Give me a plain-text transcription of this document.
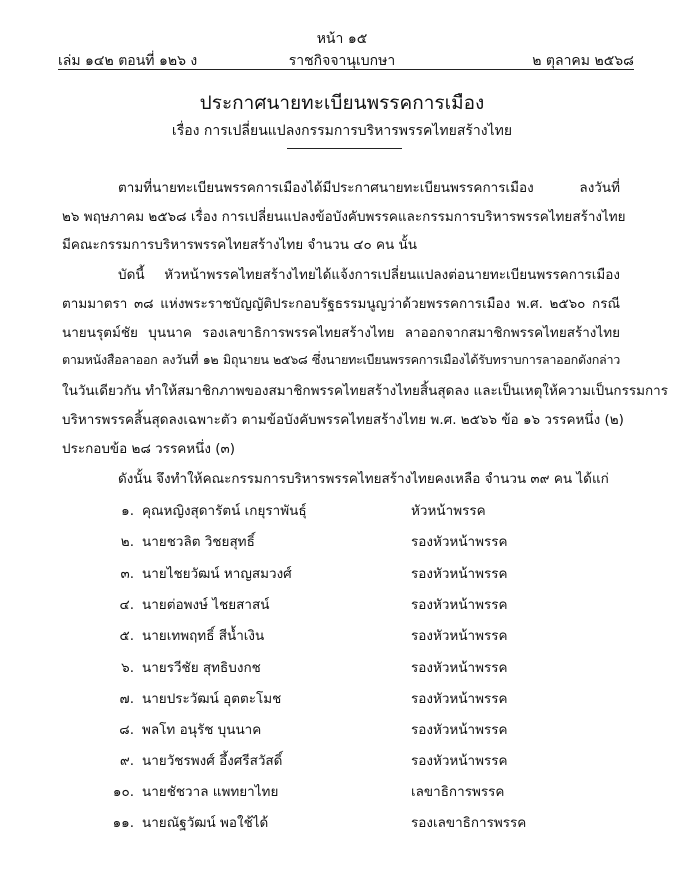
หน้า ๑๕
เล่ม ๑๔๒ ตอนที่ ๑๒๖ ง	ราชกิจจานุเบกษา	๒ ตุลาคม ๒๕๖๘
ประกาศนายทะเบียนพรรคการเมือง
เรื่อง การเปลี่ยนแปลงกรรมการบริหารพรรคไทยสร้างไทย
ตามที่นายทะเบียนพรรคการเมืองได้มีประกาศนายทะเบียนพรรคการเมือง ลงวันที่
๒๖ พฤษภาคม ๒๕๖๘ เรื่อง การเปลี่ยนแปลงข้อบังคับพรรคและกรรมการบริหารพรรคไทยสร้างไทย
มีคณะกรรมการบริหารพรรคไทยสร้างไทย จำนวน ๔๐ คน นั้น
บัดนี้ หัวหน้าพรรคไทยสร้างไทยได้แจ้งการเปลี่ยนแปลงต่อนายทะเบียนพรรคการเมือง
ตามมาตรา ๓๘ แห่งพระราชบัญญัติประกอบรัฐธรรมนูญว่าด้วยพรรคการเมือง พ.ศ. ๒๕๖๐ กรณี
นายนรุตม์ชัย บุนนาค รองเลขาธิการพรรคไทยสร้างไทย ลาออกจากสมาชิกพรรคไทยสร้างไทย
ตามหนังสือลาออก ลงวันที่ ๑๒ มิถุนายน ๒๕๖๘ ซึ่งนายทะเบียนพรรคการเมืองได้รับทราบการลาออกดังกล่าว
ในวันเดียวกัน ทำให้สมาชิกภาพของสมาชิกพรรคไทยสร้างไทยสิ้นสุดลง และเป็นเหตุให้ความเป็นกรรมการ
บริหารพรรคสิ้นสุดลงเฉพาะตัว ตามข้อบังคับพรรคไทยสร้างไทย พ.ศ. ๒๕๖๖ ข้อ ๑๖ วรรคหนึ่ง (๒)
ประกอบข้อ ๒๘ วรรคหนึ่ง (๓)
ดังนั้น จึงทำให้คณะกรรมการบริหารพรรคไทยสร้างไทยคงเหลือ จำนวน ๓๙ คน ได้แก่
๑. คุณหญิงสุดารัตน์ เกยุราพันธุ์	หัวหน้าพรรค
๒. นายชวลิต วิชยสุทธิ์	รองหัวหน้าพรรค
๓. นายไชยวัฒน์ หาญสมวงศ์	รองหัวหน้าพรรค
๔. นายต่อพงษ์ ไชยสาสน์	รองหัวหน้าพรรค
๕. นายเทพฤทธิ์ สีน้ำเงิน	รองหัวหน้าพรรค
๖. นายรวีชัย สุทธิบงกช	รองหัวหน้าพรรค
๗. นายประวัฒน์ อุตตะโมช	รองหัวหน้าพรรค
๘. พลโท อนุรัช บุนนาค	รองหัวหน้าพรรค
๙. นายวัชรพงศ์ อึ้งศรีสวัสดิ์	รองหัวหน้าพรรค
๑๐. นายชัชวาล แพทยาไทย	เลขาธิการพรรค
๑๑. นายณัฐวัฒน์ พอใช้ได้	รองเลขาธิการพรรค
